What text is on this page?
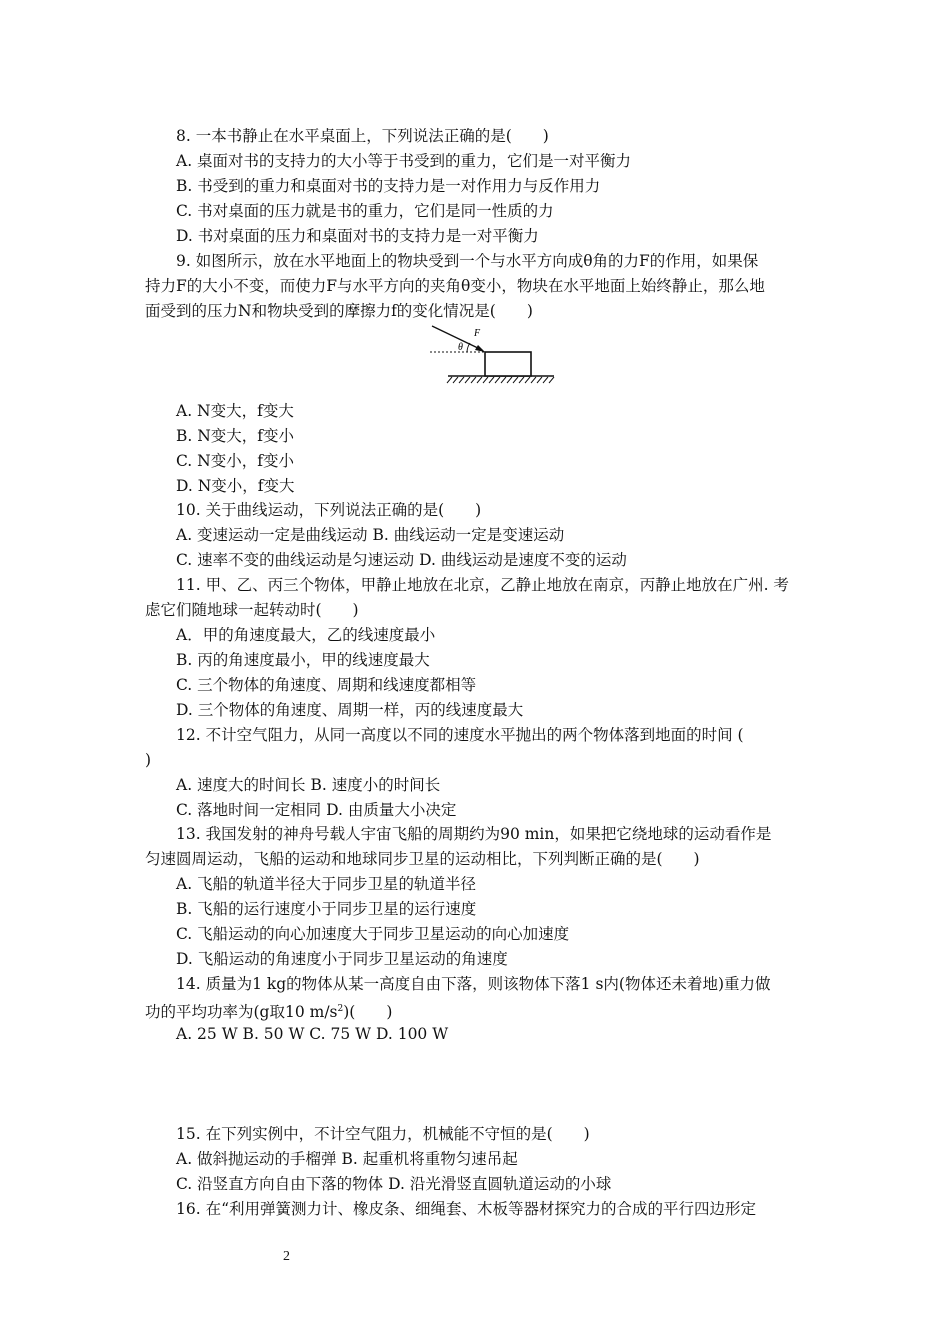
8. 一本书静止在水平桌面上，下列说法正确的是(　　)
A. 桌面对书的支持力的大小等于书受到的重力，它们是一对平衡力
B. 书受到的重力和桌面对书的支持力是一对作用力与反作用力
C. 书对桌面的压力就是书的重力，它们是同一性质的力
D. 书对桌面的压力和桌面对书的支持力是一对平衡力
9. 如图所示，放在水平地面上的物块受到一个与水平方向成θ角的力F的作用，如果保
持力F的大小不变，而使力F与水平方向的夹角θ变小，物块在水平地面上始终静止，那么地
面受到的压力N和物块受到的摩擦力f的变化情况是(　　)
F
θ
A. N变大，f变大
B. N变大，f变小
C. N变小，f变小
D. N变小，f变大
10. 关于曲线运动，下列说法正确的是(　　)
A. 变速运动一定是曲线运动 B. 曲线运动一定是变速运动
C. 速率不变的曲线运动是匀速运动 D. 曲线运动是速度不变的运动
11. 甲、乙、丙三个物体，甲静止地放在北京，乙静止地放在南京，丙静止地放在广州. 考
虑它们随地球一起转动时(　　)
A．甲的角速度最大，乙的线速度最小
B. 丙的角速度最小，甲的线速度最大
C. 三个物体的角速度、周期和线速度都相等
D. 三个物体的角速度、周期一样，丙的线速度最大
12. 不计空气阻力，从同一高度以不同的速度水平抛出的两个物体落到地面的时间 (
)
A. 速度大的时间长 B. 速度小的时间长
C. 落地时间一定相同 D. 由质量大小决定
13. 我国发射的神舟号载人宇宙飞船的周期约为90 min，如果把它绕地球的运动看作是
匀速圆周运动，飞船的运动和地球同步卫星的运动相比，下列判断正确的是(　　)
A. 飞船的轨道半径大于同步卫星的轨道半径
B. 飞船的运行速度小于同步卫星的运行速度
C. 飞船运动的向心加速度大于同步卫星运动的向心加速度
D. 飞船运动的角速度小于同步卫星运动的角速度
14. 质量为1 kg的物体从某一高度自由下落，则该物体下落1 s内(物体还未着地)重力做
功的平均功率为(g取10 $m/s^2$)(　　)
A. 25 W B. 50 W C. 75 W D. 100 W
15. 在下列实例中，不计空气阻力，机械能不守恒的是(　　)
A. 做斜抛运动的手榴弹 B. 起重机将重物匀速吊起
C. 沿竖直方向自由下落的物体 D. 沿光滑竖直圆轨道运动的小球
16. 在“利用弹簧测力计、橡皮条、细绳套、木板等器材探究力的合成的平行四边形定
2
